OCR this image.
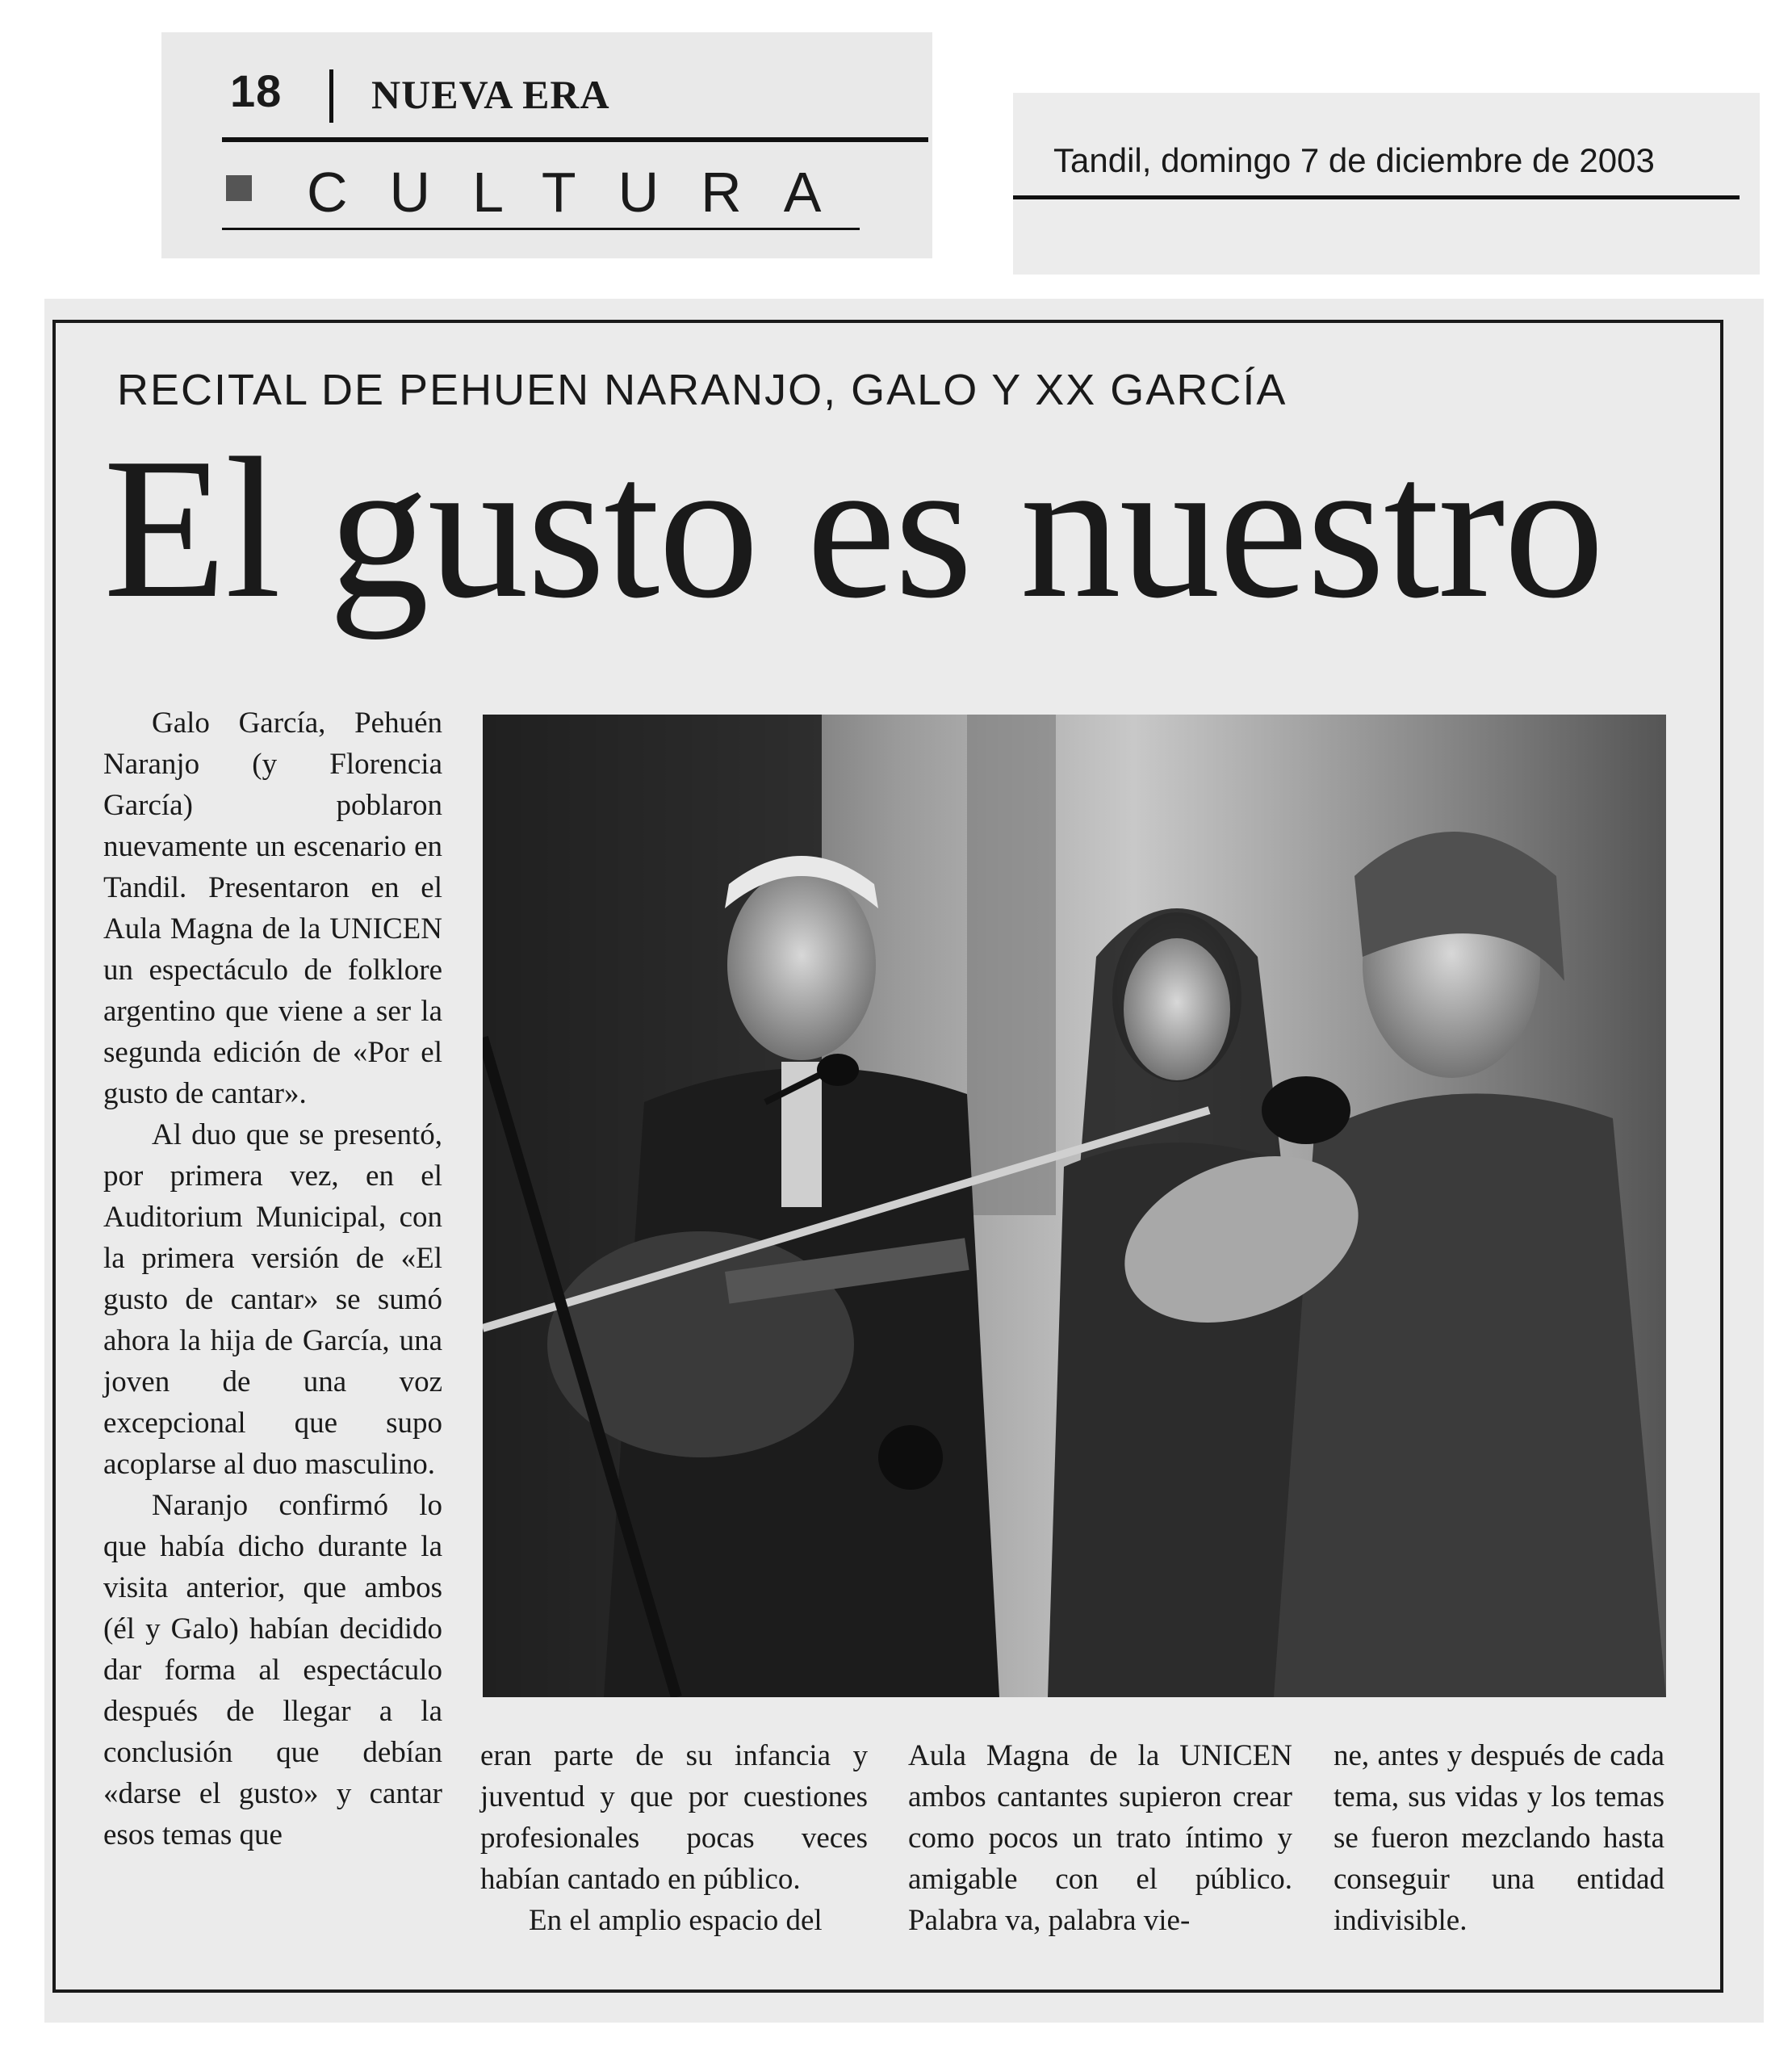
18 NUEVA ERA
CULTURA
Tandil, domingo 7 de diciembre de 2003
RECITAL DE PEHUEN NARANJO, GALO Y XX GARCÍA
El gusto es nuestro

Galo García, Pehuén Naranjo (y Florencia García) poblaron nuevamente un escenario en Tandil. Presentaron en el Aula Magna de la UNICEN un espectáculo de folklore argentino que viene a ser la segunda edición de «Por el gusto de cantar».

Al duo que se presentó, por primera vez, en el Auditorium Municipal, con la primera versión de «El gusto de cantar» se sumó ahora la hija de García, una joven de una voz excepcional que supo acoplarse al duo masculino.

Naranjo confirmó lo que había dicho durante la visita anterior, que ambos (él y Galo) habían decidido dar forma al espectáculo después de llegar a la conclusión que debían «darse el gusto» y cantar esos temas que

eran parte de su infancia y juventud y que por cuestiones profesionales pocas veces habían cantado en público.

En el amplio espacio del

Aula Magna de la UNICEN ambos cantantes supieron crear como pocos un trato íntimo y amigable con el público. Palabra va, palabra vie-

ne, antes y después de cada tema, sus vidas y los temas se fueron mezclando hasta conseguir una entidad indivisible.
